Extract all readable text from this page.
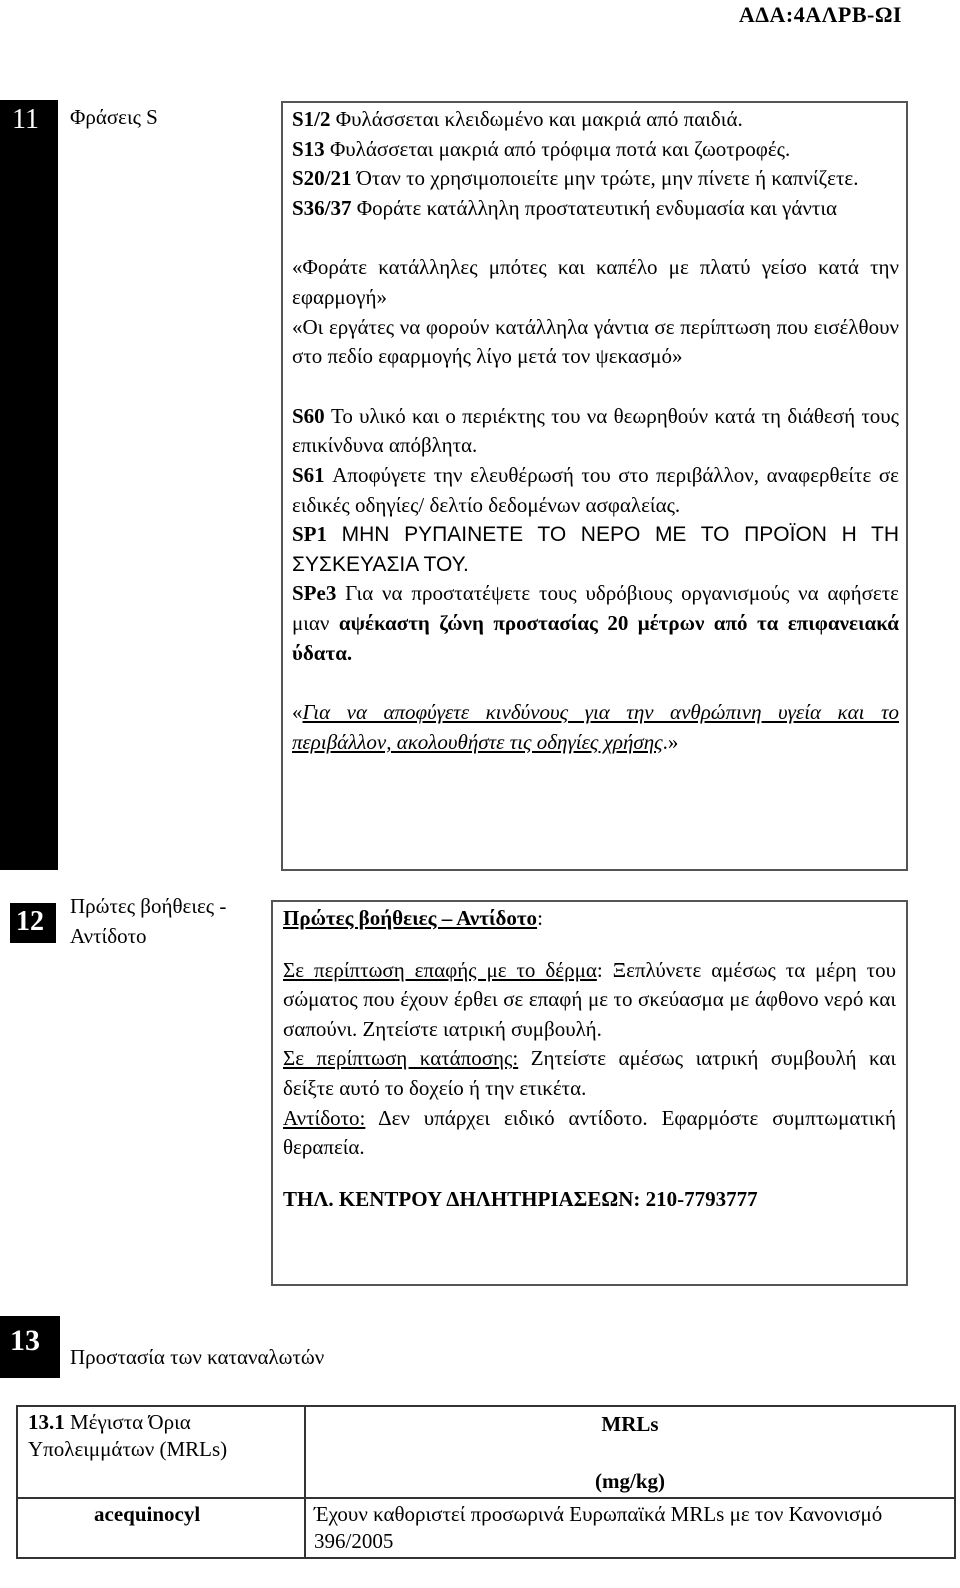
ΑΔΑ:4ΑΛΡΒ-ΩΙ
11 Φράσεις S	S1/2 Φυλάσσεται κλειδωμένο και μακριά από παιδιά.

S13 Φυλάσσεται μακριά από τρόφιμα ποτά και ζωοτροφές.

S20/21 Όταν το χρησιμοποιείτε μην τρώτε, μην πίνετε ή καπνίζετε.

S36/37 Φοράτε κατάλληλη προστατευτική ενδυμασία και γάντια

«Φοράτε κατάλληλες μπότες και καπέλο με πλατύ γείσο κατά την εφαρμογή»

«Οι εργάτες να φορούν κατάλληλα γάντια σε περίπτωση που εισέλθουν στο πεδίο εφαρμογής λίγο μετά τον ψεκασμό»

S60 Το υλικό και ο περιέκτης του να θεωρηθούν κατά τη διάθεσή τους επικίνδυνα απόβλητα.

S61 Αποφύγετε την ελευθέρωσή του στο περιβάλλον, αναφερθείτε σε ειδικές οδηγίες/ δελτίο δεδομένων ασφαλείας.

SP1 ΜΗΝ ΡΥΠΑΙΝΕΤΕ ΤΟ ΝΕΡΟ ΜΕ ΤΟ ΠΡΟΪΟΝ Η ΤΗ ΣΥΣΚΕΥΑΣΙΑ ΤΟΥ.

SPe3 Για να προστατέψετε τους υδρόβιους οργανισμούς να αφήσετε μιαν αψέκαστη ζώνη προστασίας 20 μέτρων από τα επιφανειακά ύδατα.

«Για να αποφύγετε κινδύνους για την ανθρώπινη υγεία και το περιβάλλον, ακολουθήστε τις οδηγίες χρήσης.»

12 Πρώτες βοήθειες - Αντίδοτο

Πρώτες βοήθειες – Αντίδοτο:

Σε περίπτωση επαφής με το δέρμα: Ξεπλύνετε αμέσως τα μέρη του σώματος που έχουν έρθει σε επαφή με το σκεύασμα με άφθονο νερό και σαπούνι. Ζητείστε ιατρική συμβουλή.

Σε περίπτωση κατάποσης: Ζητείστε αμέσως ιατρική συμβουλή και δείξτε αυτό το δοχείο ή την ετικέτα.

Αντίδοτο: Δεν υπάρχει ειδικό αντίδοτο. Εφαρμόστε συμπτωματική θεραπεία.

ΤΗΛ. ΚΕΝΤΡΟΥ ΔΗΛΗΤΗΡΙΑΣΕΩΝ: 210-7793777

13 Προστασία των καταναλωτών
13.1 Μέγιστα Όρια Υπολειμμάτων (MRLs)	MRLs
(mg/kg)

acequinocyl	Έχουν καθοριστεί προσωρινά Ευρωπαϊκά MRLs με τον Κανονισμό 396/2005
